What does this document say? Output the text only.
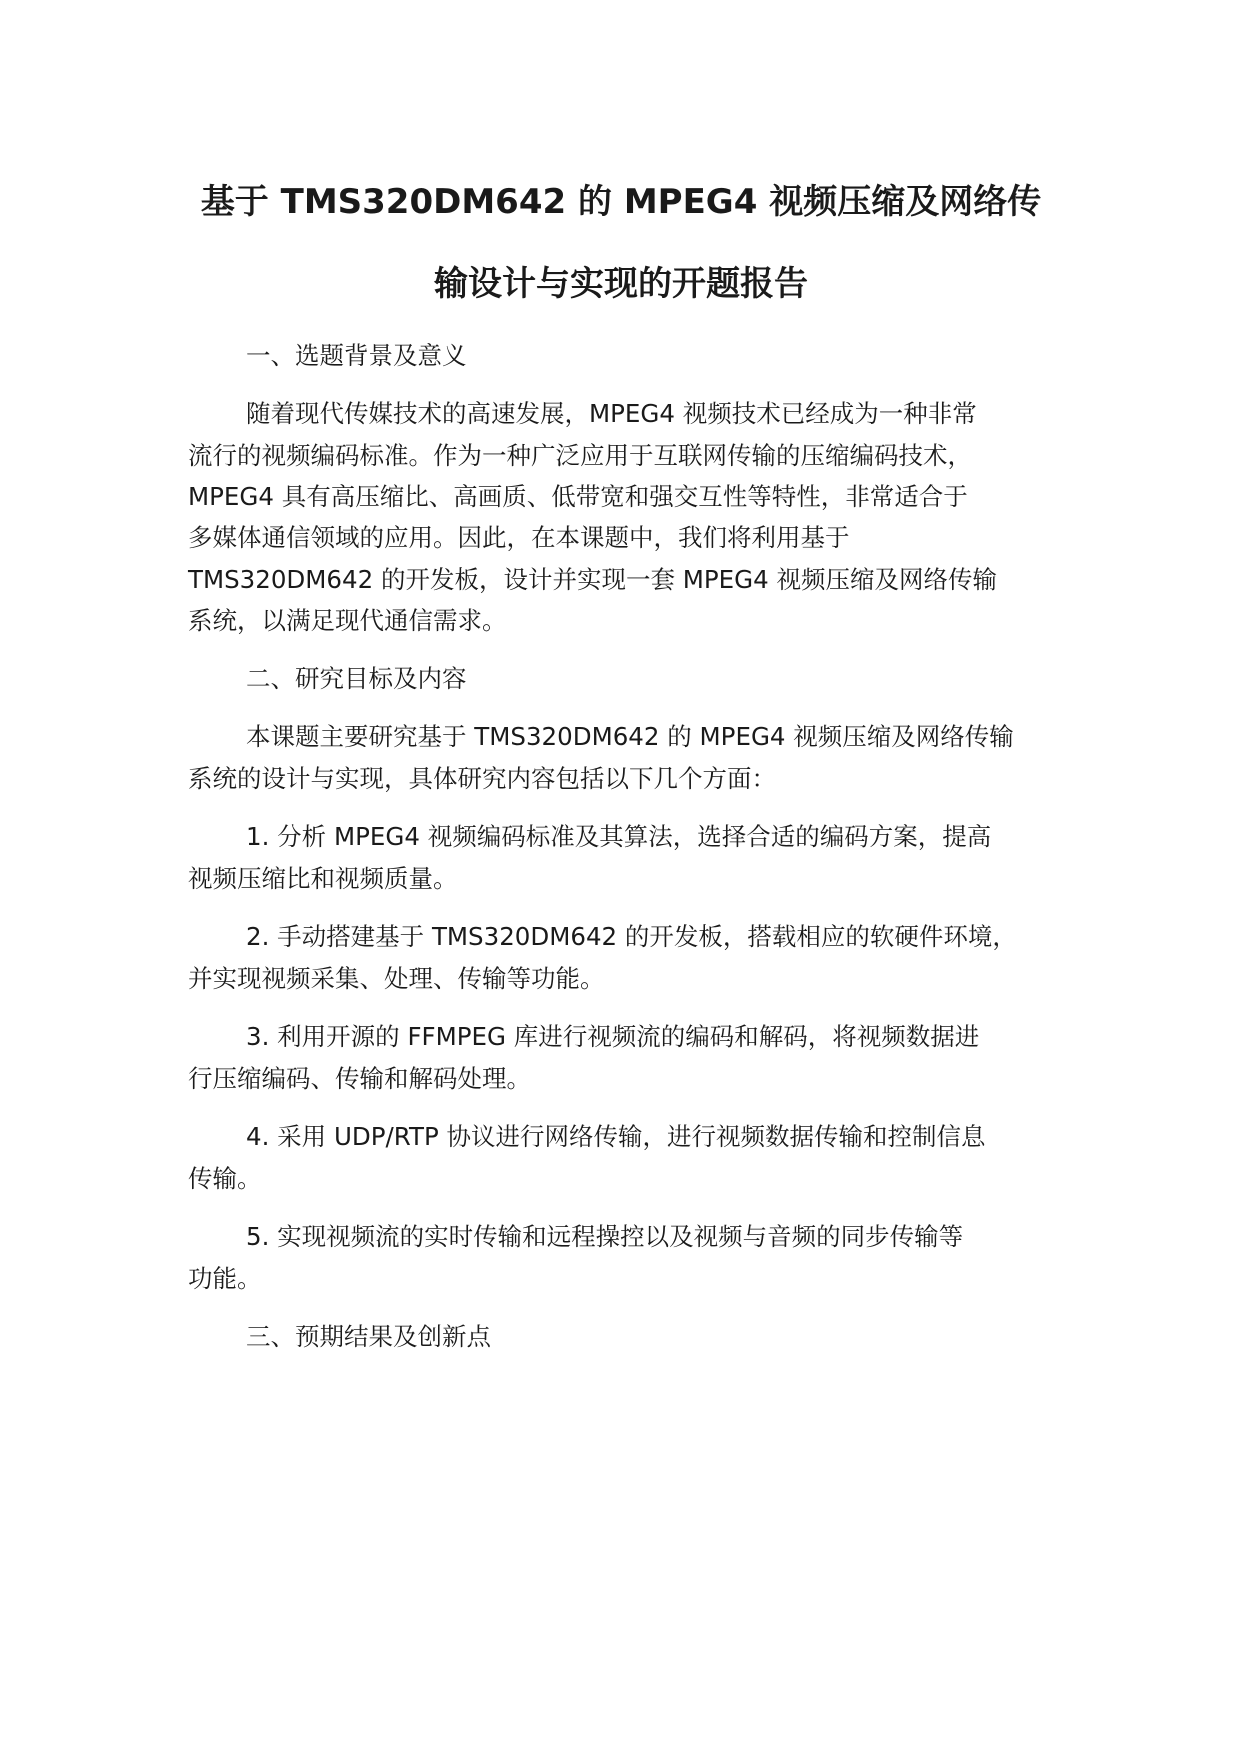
基于 TMS320DM642 的 MPEG4 视频压缩及网络传
输设计与实现的开题报告
一、选题背景及意义
随着现代传媒技术的高速发展，MPEG4 视频技术已经成为一种非常
流行的视频编码标准。作为一种广泛应用于互联网传输的压缩编码技术，
MPEG4 具有高压缩比、高画质、低带宽和强交互性等特性，非常适合于
多媒体通信领域的应用。因此，在本课题中，我们将利用基于
TMS320DM642 的开发板，设计并实现一套 MPEG4 视频压缩及网络传输
系统，以满足现代通信需求。
二、研究目标及内容
本课题主要研究基于 TMS320DM642 的 MPEG4 视频压缩及网络传输
系统的设计与实现，具体研究内容包括以下几个方面：
1. 分析 MPEG4 视频编码标准及其算法，选择合适的编码方案，提高
视频压缩比和视频质量。
2. 手动搭建基于 TMS320DM642 的开发板，搭载相应的软硬件环境，
并实现视频采集、处理、传输等功能。
3. 利用开源的 FFMPEG 库进行视频流的编码和解码，将视频数据进
行压缩编码、传输和解码处理。
4. 采用 UDP/RTP 协议进行网络传输，进行视频数据传输和控制信息
传输。
5. 实现视频流的实时传输和远程操控以及视频与音频的同步传输等
功能。
三、预期结果及创新点
